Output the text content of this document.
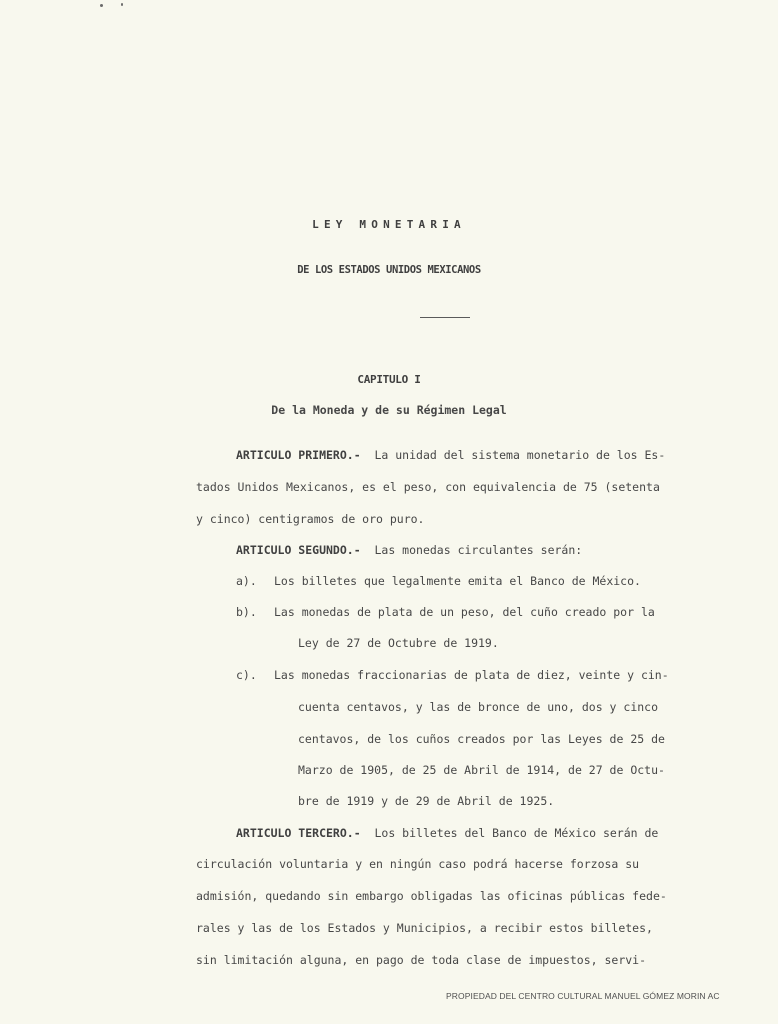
LEY MONETARIA
DE LOS ESTADOS UNIDOS MEXICANOS
CAPITULO I
De la Moneda y de su Régimen Legal
ARTICULO PRIMERO.- La unidad del sistema monetario de los Es-
tados Unidos Mexicanos, es el peso, con equivalencia de 75 (setenta
y cinco) centigramos de oro puro.
ARTICULO SEGUNDO.- Las monedas circulantes serán:
a). Los billetes que legalmente emita el Banco de México.
b). Las monedas de plata de un peso, del cuño creado por la
Ley de 27 de Octubre de 1919.
c). Las monedas fraccionarias de plata de diez, veinte y cin-
cuenta centavos, y las de bronce de uno, dos y cinco
centavos, de los cuños creados por las Leyes de 25 de
Marzo de 1905, de 25 de Abril de 1914, de 27 de Octu-
bre de 1919 y de 29 de Abril de 1925.
ARTICULO TERCERO.- Los billetes del Banco de México serán de
circulación voluntaria y en ningún caso podrá hacerse forzosa su
admisión, quedando sin embargo obligadas las oficinas públicas fede-
rales y las de los Estados y Municipios, a recibir estos billetes,
sin limitación alguna, en pago de toda clase de impuestos, servi-
PROPIEDAD DEL CENTRO CULTURAL MANUEL GÓMEZ MORIN AC
